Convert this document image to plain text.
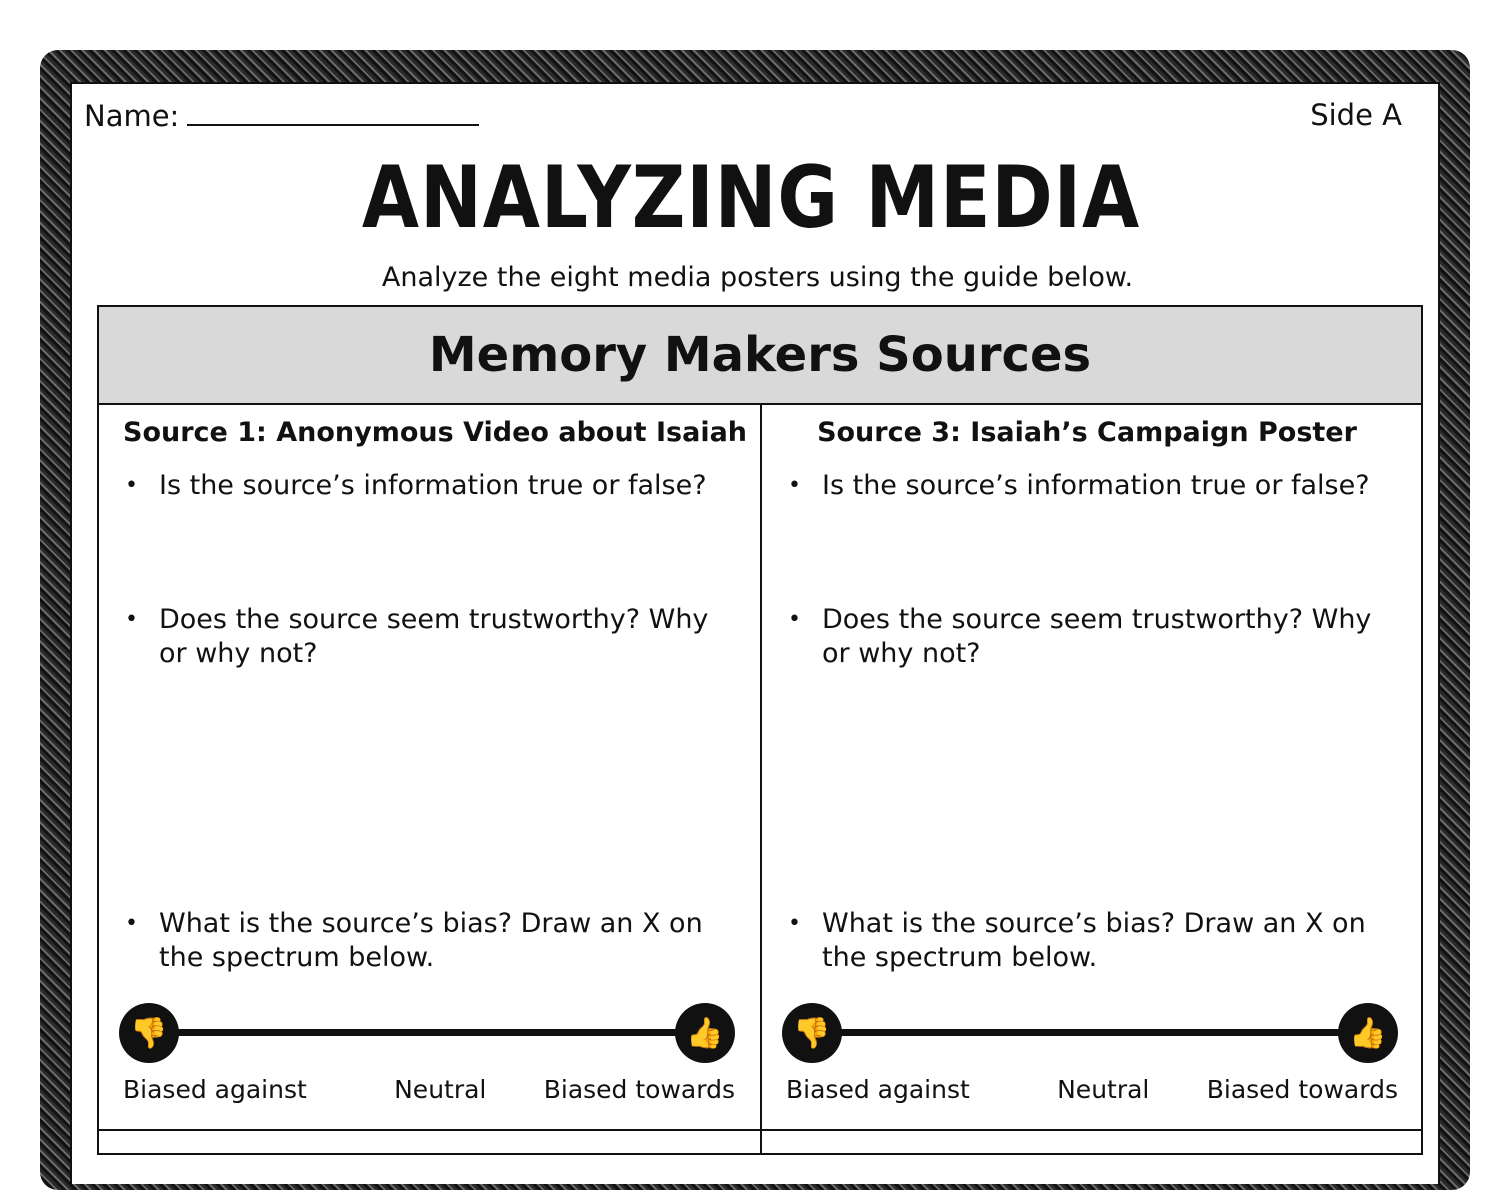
Name:	Side A
ANALYZING MEDIA
Analyze the eight media posters using the guide below.
Memory Makers Sources
Source 1: Anonymous Video about Isaiah
• Is the source’s information true or false?
• Does the source seem trustworthy? Why or why not?
• What is the source’s bias? Draw an X on the spectrum below.
👎	👍
Biased against	Neutral Biased towards
Source 3: Isaiah’s Campaign Poster
• Is the source’s information true or false?
• Does the source seem trustworthy? Why or why not?
• What is the source’s bias? Draw an X on the spectrum below.
👎	👍
Biased against	Neutral Biased towards
